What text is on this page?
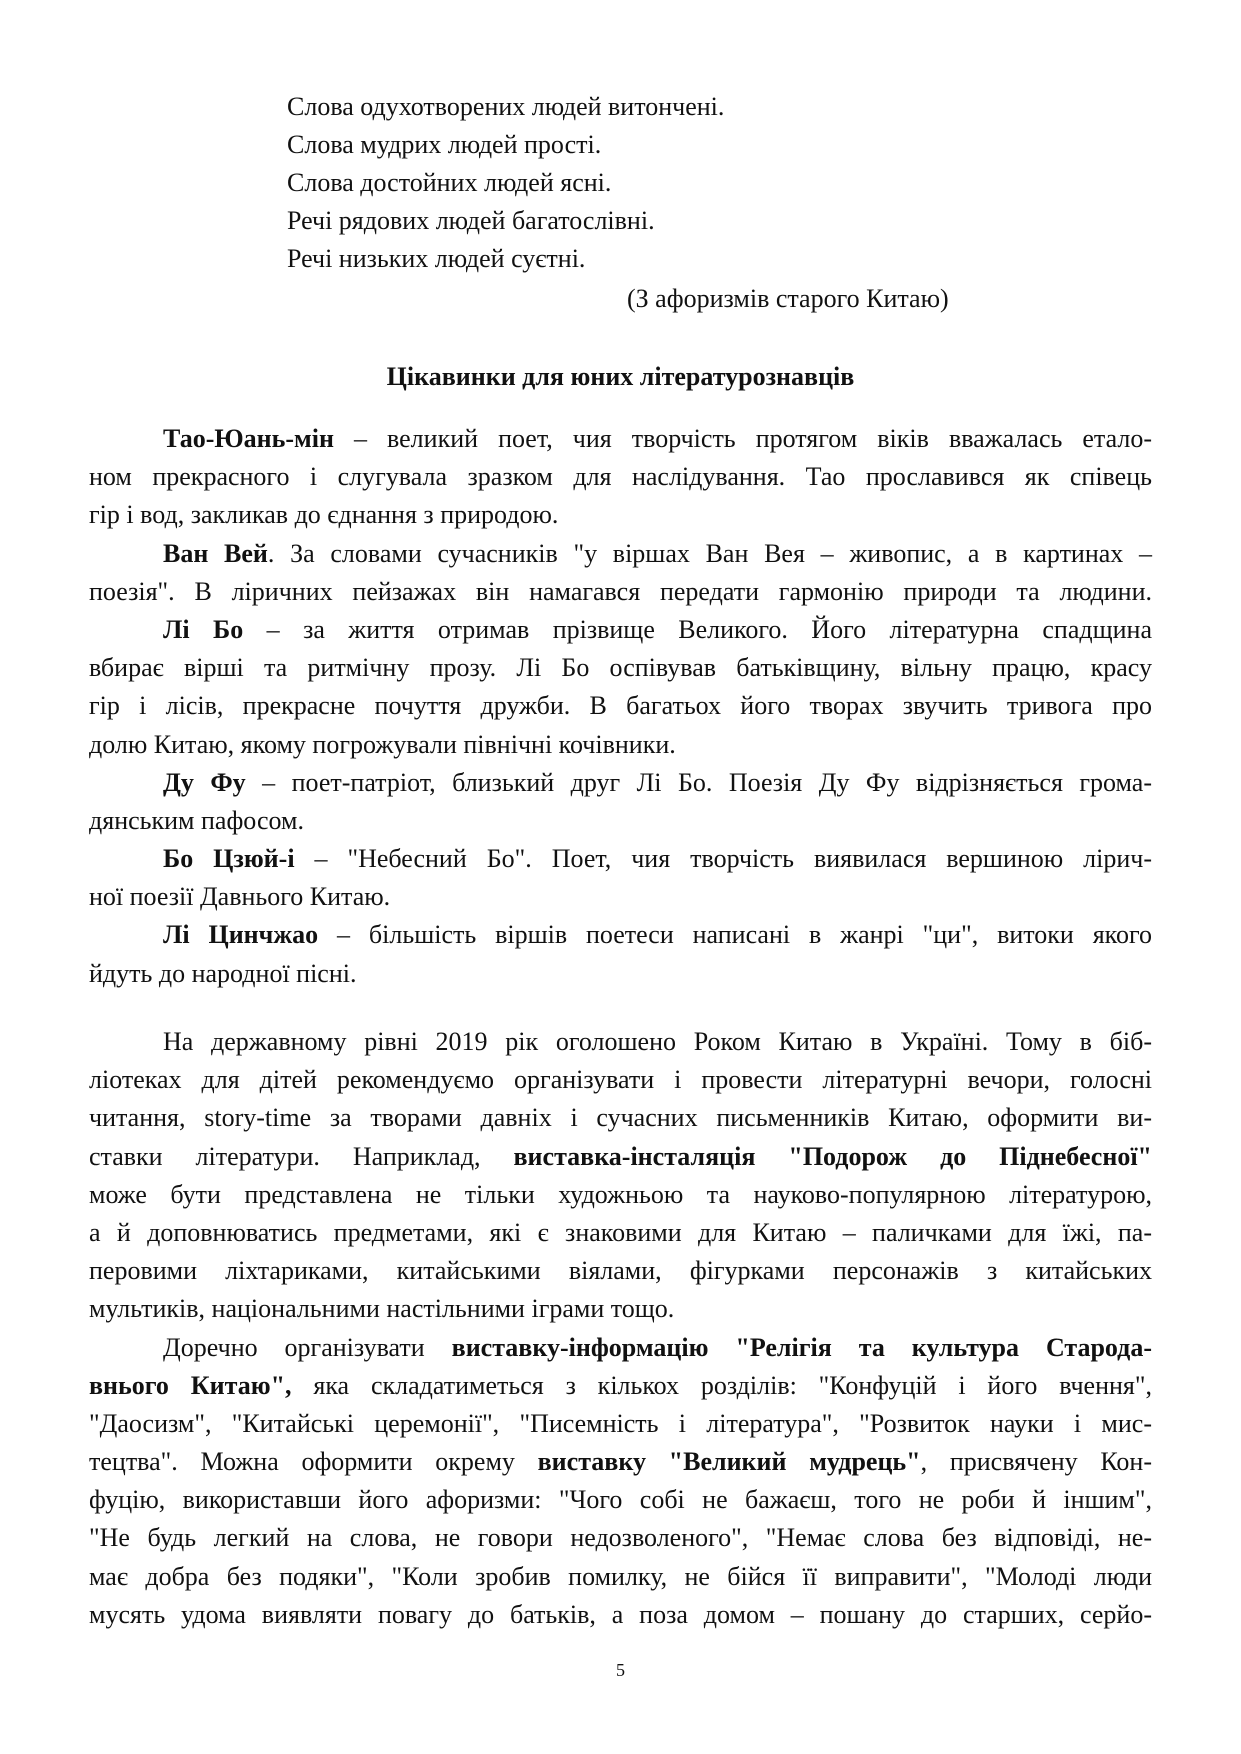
Слова одухотворених людей витончені.
Слова мудрих людей прості.
Слова достойних людей ясні.
Речі рядових людей багатослівні.
Речі низьких людей суєтні.
(З афоризмів старого Китаю)
Цікавинки для юних літературознавців
Тао-Юань-мін – великий поет, чия творчість протягом віків вважалась етало-
ном прекрасного і слугувала зразком для наслідування. Тао прославився як співець
гір і вод, закликав до єднання з природою.
Ван Вей. За словами сучасників "у віршах Ван Вея – живопис, а в картинах –
поезія". В ліричних пейзажах він намагався передати гармонію природи та людини.
Лі Бо – за життя отримав прізвище Великого. Його літературна спадщина
вбирає вірші та ритмічну прозу. Лі Бо оспівував батьківщину, вільну працю, красу
гір і лісів, прекрасне почуття дружби. В багатьох його творах звучить тривога про
долю Китаю, якому погрожували північні кочівники.
Ду Фу – поет-патріот, близький друг Лі Бо. Поезія Ду Фу відрізняється грома-
дянським пафосом.
Бо Цзюй-і – "Небесний Бо". Поет, чия творчість виявилася вершиною лірич-
ної поезії Давнього Китаю.
Лі Цинчжао – більшість віршів поетеси написані в жанрі "ци", витоки якого
йдуть до народної пісні.
На державному рівні 2019 рік оголошено Роком Китаю в Україні. Тому в біб-
ліотеках для дітей рекомендуємо організувати і провести літературні вечори, голосні
читання, story-time за творами давніх і сучасних письменників Китаю, оформити ви-
ставки літератури. Наприклад, виставка-інсталяція "Подорож до Піднебесної"
може бути представлена не тільки художньою та науково-популярною літературою,
а й доповнюватись предметами, які є знаковими для Китаю – паличками для їжі, па-
перовими ліхтариками, китайськими віялами, фігурками персонажів з китайських
мультиків, національними настільними іграми тощо.
Доречно організувати виставку-інформацію "Релігія та культура Стародa-
внього Китаю", яка складатиметься з кількох розділів: "Конфуцій і його вчення",
"Даосизм", "Китайські церемонії", "Писемність і література", "Розвиток науки і мис-
тецтва". Можна оформити окрему виставку "Великий мудрець", присвячену Кон-
фуцію, використавши його афоризми: "Чого собі не бажаєш, того не роби й іншим",
"Не будь легкий на слова, не говори недозволеного", "Немає слова без відповіді, не-
має добра без подяки", "Коли зробив помилку, не бійся її виправити", "Молоді люди
мусять удома виявляти повагу до батьків, а поза домом – пошану до старших, серйо-
5
